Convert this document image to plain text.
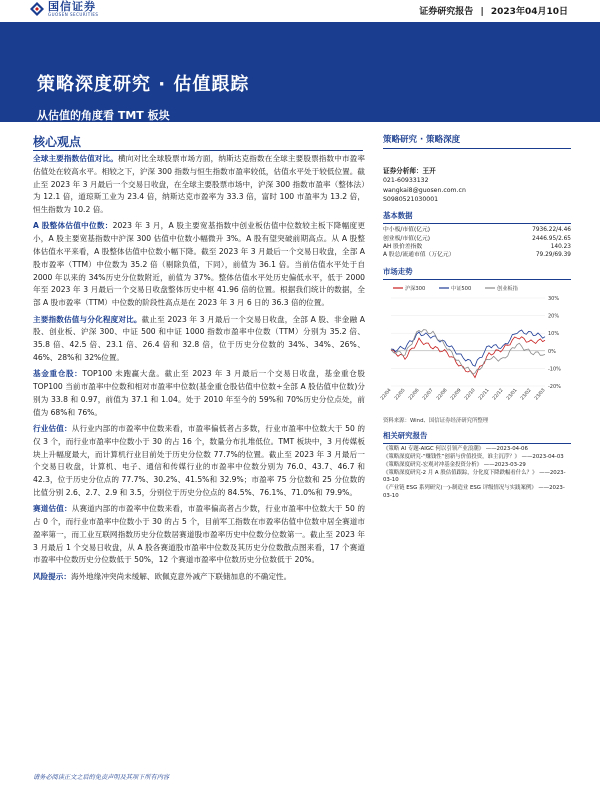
国信证券
GUOSEN SECURITIES	证券研究报告 | 2023年04月10日
策略深度研究 · 估值跟踪
从估值的角度看 TMT 板块
核心观点

全球主要指数估值对比。横向对比全球股票市场方面，纳斯达克指数在全球主要股票指数中市盈率估值处在较高水平。相较之下，沪深 300 指数与恒生指数市盈率较低，估值水平处于较低位置。截止至 2023 年 3 月最后一个交易日收盘，在全球主要股票市场中，沪深 300 指数市盈率（整体法）为 12.1 倍，道琼斯工业为 23.4 倍，纳斯达克市盈率为 33.3 倍，富时 100 市盈率为 13.2 倍，恒生指数为 10.2 倍。

A 股整体估值中位数：2023 年 3 月，A 股主要宽基指数中创业板估值中位数较主板下降幅度更小，A 股主要宽基指数中沪深 300 估值中位数小幅微升 3%。A 股有望突破前期高点。从 A 股整体估值水平来看，A 股整体估值中位数小幅下降。截至 2023 年 3 月最后一个交易日收盘，全部 A 股市盈率（TTM）中位数为 35.2 倍（剔除负值，下同），前值为 36.1 倍。当前估值水平处于自 2000 年以来的 34%历史分位数附近，前值为 37%。整体估值水平处历史偏低水平，低于 2000 年至 2023 年 3 月最后一个交易日收盘整体历史中枢 41.96 倍的位置。根据我们统计的数据，全部 A 股市盈率（TTM）中位数的阶段性高点是在 2023 年 3 月 6 日的 36.3 倍的位置。

主要指数估值与分化程度对比。截止至 2023 年 3 月最后一个交易日收盘，全部 A 股、非金融 A 股、创业板、沪深 300、中证 500 和中证 1000 指数市盈率中位数（TTM）分别为 35.2 倍、35.8 倍、42.5 倍、23.1 倍、26.4 倍和 32.8 倍，位于历史分位数的 34%、34%、26%、46%、28%和 32%位置。

基金重仓股：TOP100 未跑赢大盘。截止至 2023 年 3 月最后一个交易日收盘，基金重仓股 TOP100 当前市盈率中位数和相对市盈率中位数(基金重仓股估值中位数÷全部 A 股估值中位数)分别为 33.8 和 0.97，前值为 37.1 和 1.04。处于 2010 年至今的 59%和 70%历史分位点处，前值为 68%和 76%。

行业估值：从行业内部的市盈率中位数来看，市盈率偏低者占多数，行业市盈率中位数大于 50 的仅 3 个，而行业市盈率中位数小于 30 的占 16 个，数量分布扎堆低位。TMT 板块中，3 月传媒板块上升幅度最大，而计算机行业目前处于历史分位数 77.7%的位置。截止至 2023 年 3 月最后一个交易日收盘，计算机、电子、通信和传媒行业的市盈率中位数分别为 76.0、43.7、46.7 和 42.3，位于历史分位点的 77.7%、30.2%、41.5%和 32.9%；市盈率 75 分位数和 25 分位数的比值分别 2.6、2.7、2.9 和 3.5，分别位于历史分位点的 84.5%、76.1%、71.0%和 79.9%。

赛道估值：从赛道内部的市盈率中位数来看，市盈率偏高者占少数，行业市盈率中位数大于 50 的占 0 个，而行业市盈率中位数小于 30 的占 5 个，目前军工指数在市盈率估值中位数中居全赛道市盈率第一，而工业互联网指数历史分位数居赛道股市盈率历史中位数分位数第一。截止至 2023 年 3 月最后 1 个交易日收盘，从 A 股各赛道股市盈率中位数及其历史分位数散点图来看，17 个赛道市盈率中位数历史分位数低于 50%，12 个赛道市盈率中位数历史分位数低于 20%。

风险提示：海外地缘冲突尚未缓解、欧佩克意外减产下联储加息的不确定性。

策略研究 · 策略深度
证券分析师：王开
021-60933132
wangkai8@guosen.com.cn
S0980521030001
基本数据
中小板/市值(亿元)	7936.22/4.46
创业板/市值(亿元)	2446.95/2.65
AH 股价差指数	140.23
A 股总/流通市值（万亿元）	79.29/69.39
市场走势
沪深300	中证500	创业板指
30%
20%
10%
0%
-10%
-20%
22/04 22/05 22/06 22/07 22/08 22/09 22/10 22/11 22/12 23/01 23/02 23/03
资料来源：Wind、国信证券经济研究所整理
相关研究报告
《策略 AI 专题-AIGC 何以引领产业浪潮》 ——2023-04-06
《策略深度研究-“赚钱性”创新与价值投资，谁主沉浮？》 ——2023-04-03
《策略深度研究-宏观对冲基金投资分析》 ——2023-03-29
《策略深度研究-2 月 A 股估值跟踪，分化度下降跌幅看什么？》 ——2023-03-10
《产业链 ESG 系列研究(一)-制造业 ESG 评级情况与实践案例》 ——2023-03-10
请务必阅读正文之后的免责声明及其项下所有内容
